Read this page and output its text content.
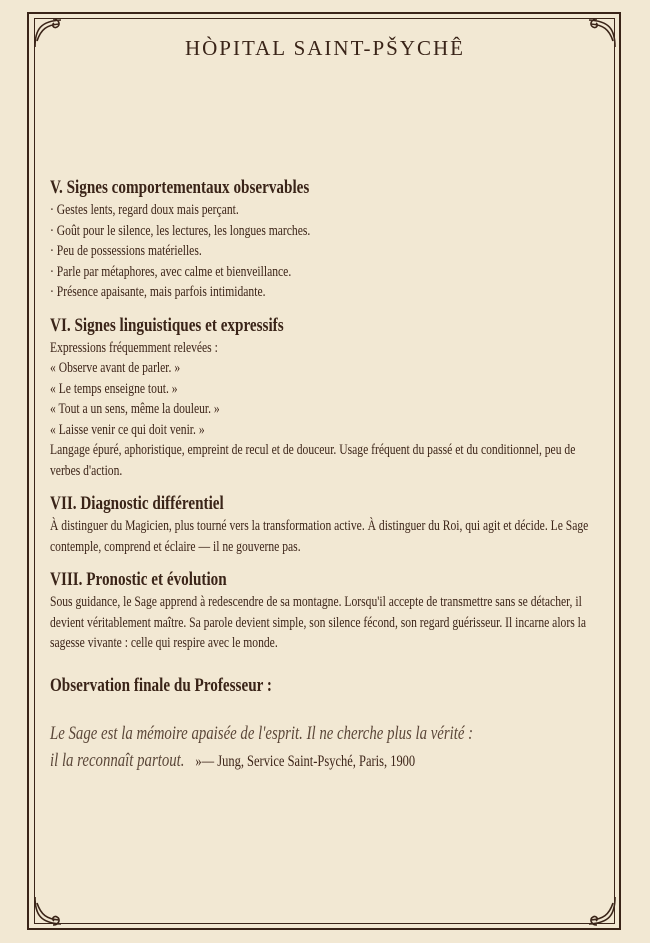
HÒPITAL SAINT-PŠYCHÊ
V. Signes comportementaux observables
· Gestes lents, regard doux mais perçant.
· Goût pour le silence, les lectures, les longues marches.
· Peu de possessions matérielles.
· Parle par métaphores, avec calme et bienveillance.
· Présence apaisante, mais parfois intimidante.
VI. Signes linguistiques et expressifs
Expressions fréquemment relevées :
« Observe avant de parler. »
« Le temps enseigne tout. »
« Tout a un sens, même la douleur. »
« Laisse venir ce qui doit venir. »

Langage épuré, aphoristique, empreint de recul et de douceur. Usage fréquent du passé et du conditionnel, peu de verbes d'action.

VII. Diagnostic différentiel

À distinguer du Magicien, plus tourné vers la transformation active. À distinguer du Roi, qui agit et décide. Le Sage contemple, comprend et éclaire — il ne gouverne pas.

VIII. Pronostic et évolution

Sous guidance, le Sage apprend à redescendre de sa montagne. Lorsqu'il accepte de transmettre sans se détacher, il devient véritablement maître. Sa parole devient simple, son silence fécond, son regard guérisseur. Il incarne alors la sagesse vivante : celle qui respire avec le monde.

Observation finale du Professeur :
Le Sage est la mémoire apaisée de l'esprit. Il ne cherche plus la vérité :
il la reconnaît partout. »— Jung, Service Saint-Psyché, Paris, 1900
